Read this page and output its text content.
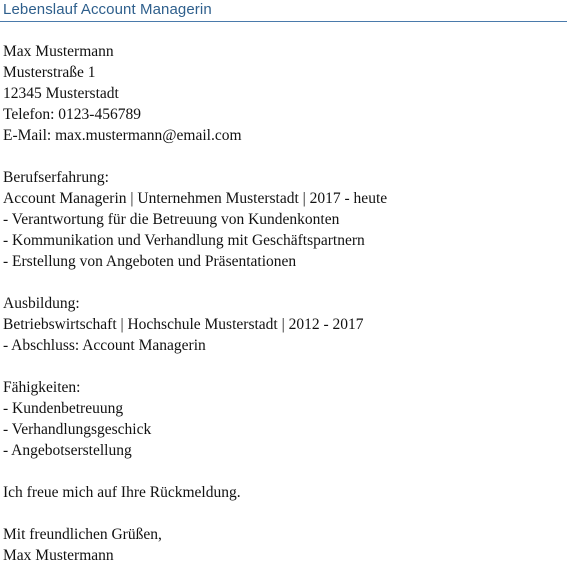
Lebenslauf Account Managerin
Max Mustermann
Musterstraße 1
12345 Musterstadt
Telefon: 0123-456789
E-Mail: max.mustermann@email.com
Berufserfahrung:
Account Managerin | Unternehmen Musterstadt | 2017 - heute
- Verantwortung für die Betreuung von Kundenkonten
- Kommunikation und Verhandlung mit Geschäftspartnern
- Erstellung von Angeboten und Präsentationen
Ausbildung:
Betriebswirtschaft | Hochschule Musterstadt | 2012 - 2017
- Abschluss: Account Managerin
Fähigkeiten:
- Kundenbetreuung
- Verhandlungsgeschick
- Angebotserstellung
Ich freue mich auf Ihre Rückmeldung.
Mit freundlichen Grüßen,
Max Mustermann
